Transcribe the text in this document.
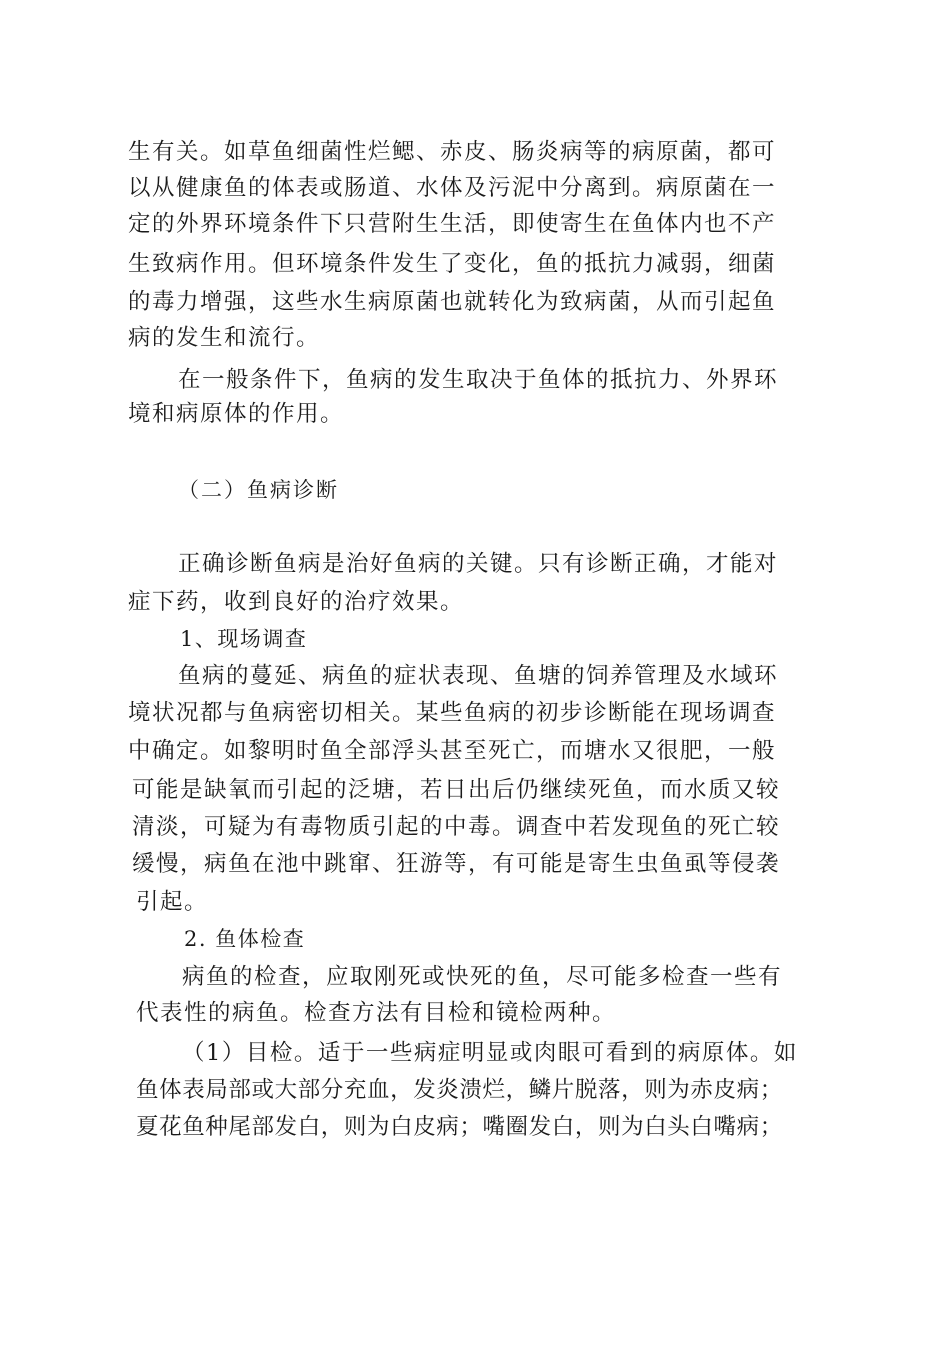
生有关。如草鱼细菌性烂鳃、赤皮、肠炎病等的病原菌，都可
以从健康鱼的体表或肠道、水体及污泥中分离到。病原菌在一
定的外界环境条件下只营附生生活，即使寄生在鱼体内也不产
生致病作用。但环境条件发生了变化，鱼的抵抗力减弱，细菌
的毒力增强，这些水生病原菌也就转化为致病菌，从而引起鱼
病的发生和流行。
在一般条件下，鱼病的发生取决于鱼体的抵抗力、外界环
境和病原体的作用。
（二）鱼病诊断
正确诊断鱼病是治好鱼病的关键。只有诊断正确，才能对
症下药，收到良好的治疗效果。
1、现场调查
鱼病的蔓延、病鱼的症状表现、鱼塘的饲养管理及水域环
境状况都与鱼病密切相关。某些鱼病的初步诊断能在现场调查
中确定。如黎明时鱼全部浮头甚至死亡，而塘水又很肥，一般
可能是缺氧而引起的泛塘，若日出后仍继续死鱼，而水质又较
清淡，可疑为有毒物质引起的中毒。调查中若发现鱼的死亡较
缓慢，病鱼在池中跳窜、狂游等，有可能是寄生虫鱼虱等侵袭
引起。
2. 鱼体检查
病鱼的检查，应取刚死或快死的鱼，尽可能多检查一些有
代表性的病鱼。检查方法有目检和镜检两种。
（1）目检。适于一些病症明显或肉眼可看到的病原体。如
鱼体表局部或大部分充血，发炎溃烂，鳞片脱落，则为赤皮病；
夏花鱼种尾部发白，则为白皮病；嘴圈发白，则为白头白嘴病；
